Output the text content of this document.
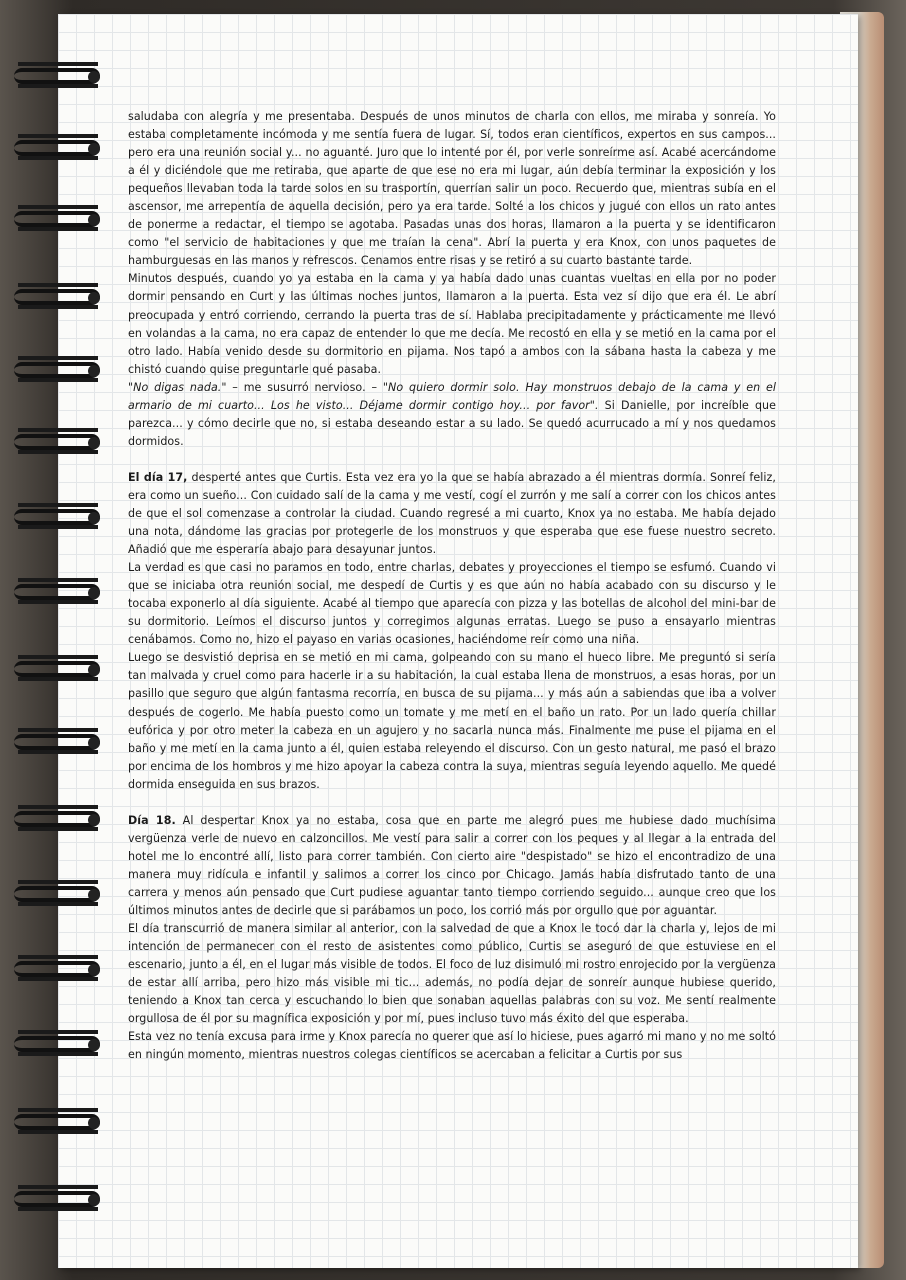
saludaba con alegría y me presentaba. Después de unos minutos de charla con ellos, me miraba y sonreía. Yo estaba completamente incómoda y me sentía fuera de lugar. Sí, todos eran científicos, expertos en sus campos... pero era una reunión social y... no aguanté. Juro que lo intenté por él, por verle sonreírme así. Acabé acercándome a él y diciéndole que me retiraba, que aparte de que ese no era mi lugar, aún debía terminar la exposición y los pequeños llevaban toda la tarde solos en su trasportín, querrían salir un poco. Recuerdo que, mientras subía en el ascensor, me arrepentía de aquella decisión, pero ya era tarde. Solté a los chicos y jugué con ellos un rato antes de ponerme a redactar, el tiempo se agotaba. Pasadas unas dos horas, llamaron a la puerta y se identificaron como "el servicio de habitaciones y que me traían la cena". Abrí la puerta y era Knox, con unos paquetes de hamburguesas en las manos y refrescos. Cenamos entre risas y se retiró a su cuarto bastante tarde.

Minutos después, cuando yo ya estaba en la cama y ya había dado unas cuantas vueltas en ella por no poder dormir pensando en Curt y las últimas noches juntos, llamaron a la puerta. Esta vez sí dijo que era él. Le abrí preocupada y entró corriendo, cerrando la puerta tras de sí. Hablaba precipitadamente y prácticamente me llevó en volandas a la cama, no era capaz de entender lo que me decía. Me recostó en ella y se metió en la cama por el otro lado. Había venido desde su dormitorio en pijama. Nos tapó a ambos con la sábana hasta la cabeza y me chistó cuando quise preguntarle qué pasaba.

"No digas nada." – me susurró nervioso. – "No quiero dormir solo. Hay monstruos debajo de la cama y en el armario de mi cuarto... Los he visto... Déjame dormir contigo hoy... por favor". Si Danielle, por increíble que parezca... y cómo decirle que no, si estaba deseando estar a su lado. Se quedó acurrucado a mí y nos quedamos dormidos.

El día 17, desperté antes que Curtis. Esta vez era yo la que se había abrazado a él mientras dormía. Sonreí feliz, era como un sueño... Con cuidado salí de la cama y me vestí, cogí el zurrón y me salí a correr con los chicos antes de que el sol comenzase a controlar la ciudad. Cuando regresé a mi cuarto, Knox ya no estaba. Me había dejado una nota, dándome las gracias por protegerle de los monstruos y que esperaba que ese fuese nuestro secreto. Añadió que me esperaría abajo para desayunar juntos.

La verdad es que casi no paramos en todo, entre charlas, debates y proyecciones el tiempo se esfumó. Cuando vi que se iniciaba otra reunión social, me despedí de Curtis y es que aún no había acabado con su discurso y le tocaba exponerlo al día siguiente. Acabé al tiempo que aparecía con pizza y las botellas de alcohol del mini-bar de su dormitorio. Leímos el discurso juntos y corregimos algunas erratas. Luego se puso a ensayarlo mientras cenábamos. Como no, hizo el payaso en varias ocasiones, haciéndome reír como una niña.

Luego se desvistió deprisa en se metió en mi cama, golpeando con su mano el hueco libre. Me preguntó si sería tan malvada y cruel como para hacerle ir a su habitación, la cual estaba llena de monstruos, a esas horas, por un pasillo que seguro que algún fantasma recorría, en busca de su pijama... y más aún a sabiendas que iba a volver después de cogerlo. Me había puesto como un tomate y me metí en el baño un rato. Por un lado quería chillar eufórica y por otro meter la cabeza en un agujero y no sacarla nunca más. Finalmente me puse el pijama en el baño y me metí en la cama junto a él, quien estaba releyendo el discurso. Con un gesto natural, me pasó el brazo por encima de los hombros y me hizo apoyar la cabeza contra la suya, mientras seguía leyendo aquello. Me quedé dormida enseguida en sus brazos.

Día 18. Al despertar Knox ya no estaba, cosa que en parte me alegró pues me hubiese dado muchísima vergüenza verle de nuevo en calzoncillos. Me vestí para salir a correr con los peques y al llegar a la entrada del hotel me lo encontré allí, listo para correr también. Con cierto aire "despistado" se hizo el encontradizo de una manera muy ridícula e infantil y salimos a correr los cinco por Chicago. Jamás había disfrutado tanto de una carrera y menos aún pensado que Curt pudiese aguantar tanto tiempo corriendo seguido... aunque creo que los últimos minutos antes de decirle que si parábamos un poco, los corrió más por orgullo que por aguantar.

El día transcurrió de manera similar al anterior, con la salvedad de que a Knox le tocó dar la charla y, lejos de mi intención de permanecer con el resto de asistentes como público, Curtis se aseguró de que estuviese en el escenario, junto a él, en el lugar más visible de todos. El foco de luz disimuló mi rostro enrojecido por la vergüenza de estar allí arriba, pero hizo más visible mi tic... además, no podía dejar de sonreír aunque hubiese querido, teniendo a Knox tan cerca y escuchando lo bien que sonaban aquellas palabras con su voz. Me sentí realmente orgullosa de él por su magnífica exposición y por mí, pues incluso tuvo más éxito del que esperaba.

Esta vez no tenía excusa para irme y Knox parecía no querer que así lo hiciese, pues agarró mi mano y no me soltó en ningún momento, mientras nuestros colegas científicos se acercaban a felicitar a Curtis por sus
